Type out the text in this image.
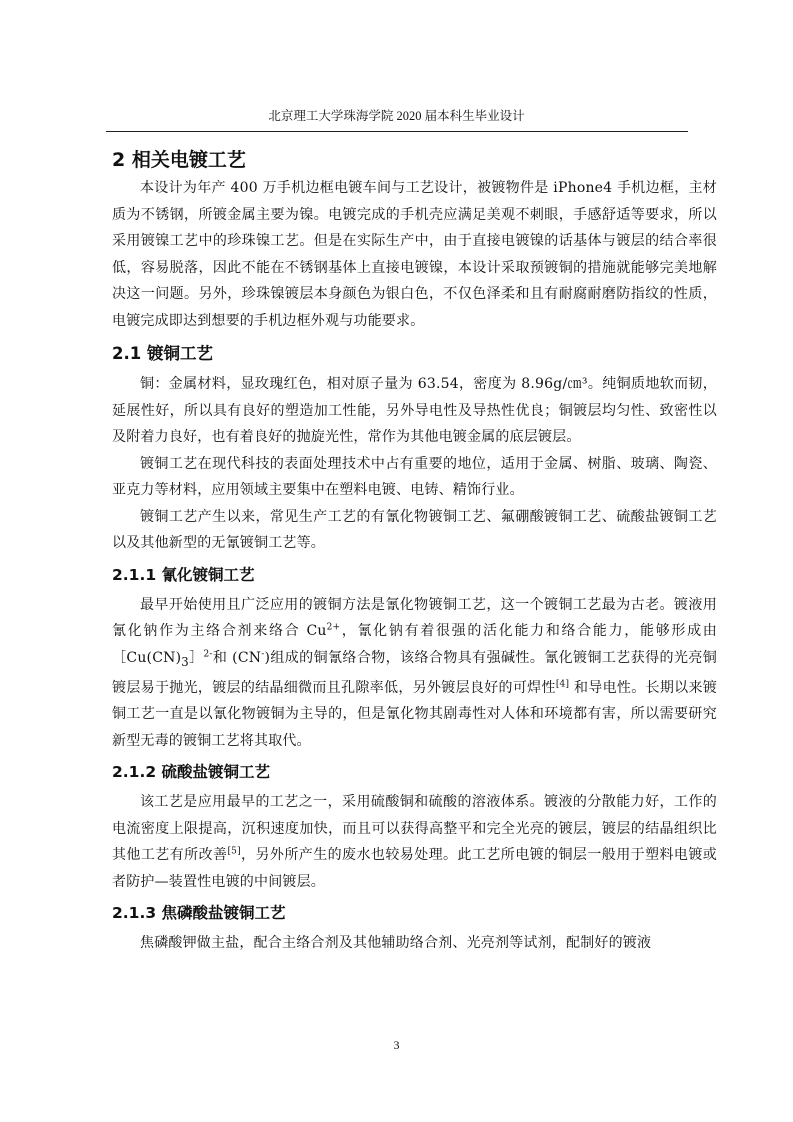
北京理工大学珠海学院 2020 届本科生毕业设计
2 相关电镀工艺

本设计为年产 400 万手机边框电镀车间与工艺设计，被镀物件是 iPhone4 手机边框，主材质为不锈钢，所镀金属主要为镍。电镀完成的手机壳应满足美观不刺眼，手感舒适等要求，所以采用镀镍工艺中的珍珠镍工艺。但是在实际生产中，由于直接电镀镍的话基体与镀层的结合率很低，容易脱落，因此不能在不锈钢基体上直接电镀镍，本设计采取预镀铜的措施就能够完美地解决这一问题。另外，珍珠镍镀层本身颜色为银白色，不仅色泽柔和且有耐腐耐磨防指纹的性质，电镀完成即达到想要的手机边框外观与功能要求。

2.1 镀铜工艺

铜：金属材料，显玫瑰红色，相对原子量为 63.54，密度为 8.96g/㎝³。纯铜质地软而韧，延展性好，所以具有良好的塑造加工性能，另外导电性及导热性优良；铜镀层均匀性、致密性以及附着力良好，也有着良好的抛旋光性，常作为其他电镀金属的底层镀层。

镀铜工艺在现代科技的表面处理技术中占有重要的地位，适用于金属、树脂、玻璃、陶瓷、亚克力等材料，应用领域主要集中在塑料电镀、电铸、精饰行业。

镀铜工艺产生以来，常见生产工艺的有氰化物镀铜工艺、氟硼酸镀铜工艺、硫酸盐镀铜工艺以及其他新型的无氰镀铜工艺等。

2.1.1 氰化镀铜工艺

最早开始使用且广泛应用的镀铜方法是氰化物镀铜工艺，这一个镀铜工艺最为古老。镀液用氰化钠作为主络合剂来络合 $Cu^{2+}$，氰化钠有着很强的活化能力和络合能力，能够形成由$[Cu(CN)_3]^{2-}$和 (CN-)组成的铜氰络合物，该络合物具有强碱性。氰化镀铜工艺获得的光亮铜镀层易于抛光，镀层的结晶细微而且孔隙率低，另外镀层良好的可焊性[4] 和导电性。长期以来镀铜工艺一直是以氰化物镀铜为主导的，但是氰化物其剧毒性对人体和环境都有害，所以需要研究新型无毒的镀铜工艺将其取代。

2.1.2 硫酸盐镀铜工艺

该工艺是应用最早的工艺之一，采用硫酸铜和硫酸的溶液体系。镀液的分散能力好，工作的电流密度上限提高，沉积速度加快，而且可以获得高整平和完全光亮的镀层，镀层的结晶组织比其他工艺有所改善[5]，另外所产生的废水也较易处理。此工艺所电镀的铜层一般用于塑料电镀或者防护—装置性电镀的中间镀层。

2.1.3 焦磷酸盐镀铜工艺

焦磷酸钾做主盐，配合主络合剂及其他辅助络合剂、光亮剂等试剂，配制好的镀液

3
